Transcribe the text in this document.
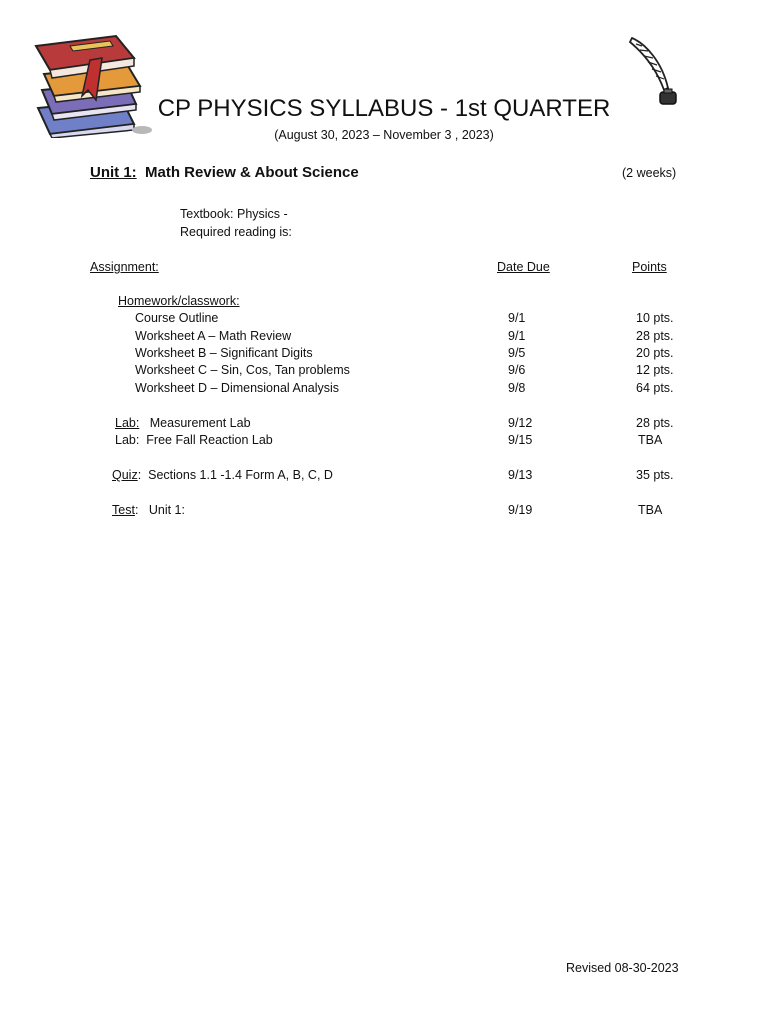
CP PHYSICS SYLLABUS - 1st QUARTER
(August 30, 2023 – November 3 , 2023)
Unit 1: Math Review & About Science	(2 weeks)
Textbook: Physics -
Required reading is:
Assignment:	Date Due	Points
Homework/classwork:
Course Outline	9/1	10 pts.
Worksheet A – Math Review	9/1	28 pts.
Worksheet B – Significant Digits	9/5	20 pts.
Worksheet C – Sin, Cos, Tan problems	9/6	12 pts.
Worksheet D – Dimensional Analysis	9/8	64 pts.
Lab: Measurement Lab	9/12	28 pts.
Lab: Free Fall Reaction Lab	9/15	TBA
Quiz:  Sections 1.1 -1.4 Form A, B, C, D	9/13	35 pts.
Test:   Unit 1:	9/19	TBA
Revised 08-30-2023
